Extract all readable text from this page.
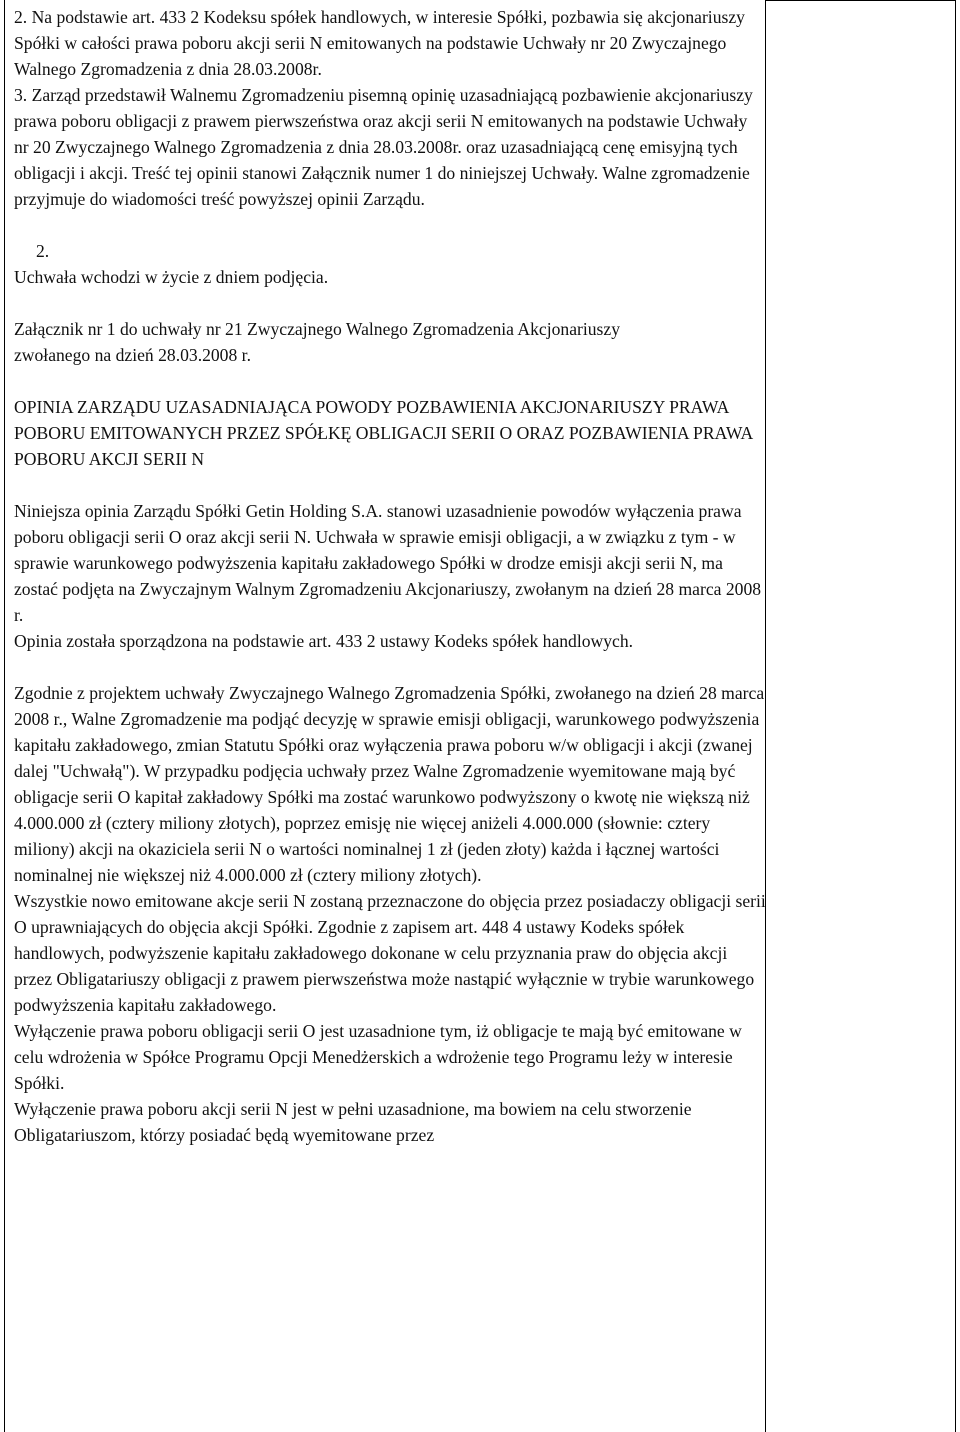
2. Na podstawie art. 433 2 Kodeksu spółek handlowych, w interesie Spółki, pozbawia się akcjonariuszy Spółki w całości prawa poboru akcji serii N emitowanych na podstawie Uchwały nr 20 Zwyczajnego Walnego Zgromadzenia z dnia 28.03.2008r.

3. Zarząd przedstawił Walnemu Zgromadzeniu pisemną opinię uzasadniającą pozbawienie akcjonariuszy prawa poboru obligacji z prawem pierwszeństwa oraz akcji serii N emitowanych na podstawie Uchwały nr 20 Zwyczajnego Walnego Zgromadzenia z dnia 28.03.2008r. oraz uzasadniającą cenę emisyjną tych obligacji i akcji. Treść tej opinii stanowi Załącznik numer 1 do niniejszej Uchwały. Walne zgromadzenie przyjmuje do wiadomości treść powyższej opinii Zarządu.

2.

Uchwała wchodzi w życie z dniem podjęcia.

Załącznik nr 1 do uchwały nr 21 Zwyczajnego Walnego Zgromadzenia Akcjonariuszy

zwołanego na dzień 28.03.2008 r.

OPINIA ZARZĄDU UZASADNIAJĄCA POWODY POZBAWIENIA AKCJONARIUSZY PRAWA POBORU EMITOWANYCH PRZEZ SPÓŁKĘ OBLIGACJI SERII O ORAZ POZBAWIENIA PRAWA POBORU AKCJI SERII N

Niniejsza opinia Zarządu Spółki Getin Holding S.A. stanowi uzasadnienie powodów wyłączenia prawa poboru obligacji serii O oraz akcji serii N. Uchwała w sprawie emisji obligacji, a w związku z tym - w sprawie warunkowego podwyższenia kapitału zakładowego Spółki w drodze emisji akcji serii N, ma zostać podjęta na Zwyczajnym Walnym Zgromadzeniu Akcjonariuszy, zwołanym na dzień 28 marca 2008 r.

Opinia została sporządzona na podstawie art. 433 2 ustawy Kodeks spółek handlowych.

Zgodnie z projektem uchwały Zwyczajnego Walnego Zgromadzenia Spółki, zwołanego na dzień 28 marca 2008 r., Walne Zgromadzenie ma podjąć decyzję w sprawie emisji obligacji, warunkowego podwyższenia kapitału zakładowego, zmian Statutu Spółki oraz wyłączenia prawa poboru w/w obligacji i akcji (zwanej dalej "Uchwałą"). W przypadku podjęcia uchwały przez Walne Zgromadzenie wyemitowane mają być obligacje serii O kapitał zakładowy Spółki ma zostać warunkowo podwyższony o kwotę nie większą niż 4.000.000 zł (cztery miliony złotych), poprzez emisję nie więcej aniżeli 4.000.000 (słownie: cztery miliony) akcji na okaziciela serii N o wartości nominalnej 1 zł (jeden złoty) każda i łącznej wartości nominalnej nie większej niż 4.000.000 zł (cztery miliony złotych).

Wszystkie nowo emitowane akcje serii N zostaną przeznaczone do objęcia przez posiadaczy obligacji serii O uprawniających do objęcia akcji Spółki. Zgodnie z zapisem art. 448 4 ustawy Kodeks spółek handlowych, podwyższenie kapitału zakładowego dokonane w celu przyznania praw do objęcia akcji przez Obligatariuszy obligacji z prawem pierwszeństwa może nastąpić wyłącznie w trybie warunkowego podwyższenia kapitału zakładowego.

Wyłączenie prawa poboru obligacji serii O jest uzasadnione tym, iż obligacje te mają być emitowane w celu wdrożenia w Spółce Programu Opcji Menedżerskich a wdrożenie tego Programu leży w interesie Spółki.

Wyłączenie prawa poboru akcji serii N jest w pełni uzasadnione, ma bowiem na celu stworzenie Obligatariuszom, którzy posiadać będą wyemitowane przez
